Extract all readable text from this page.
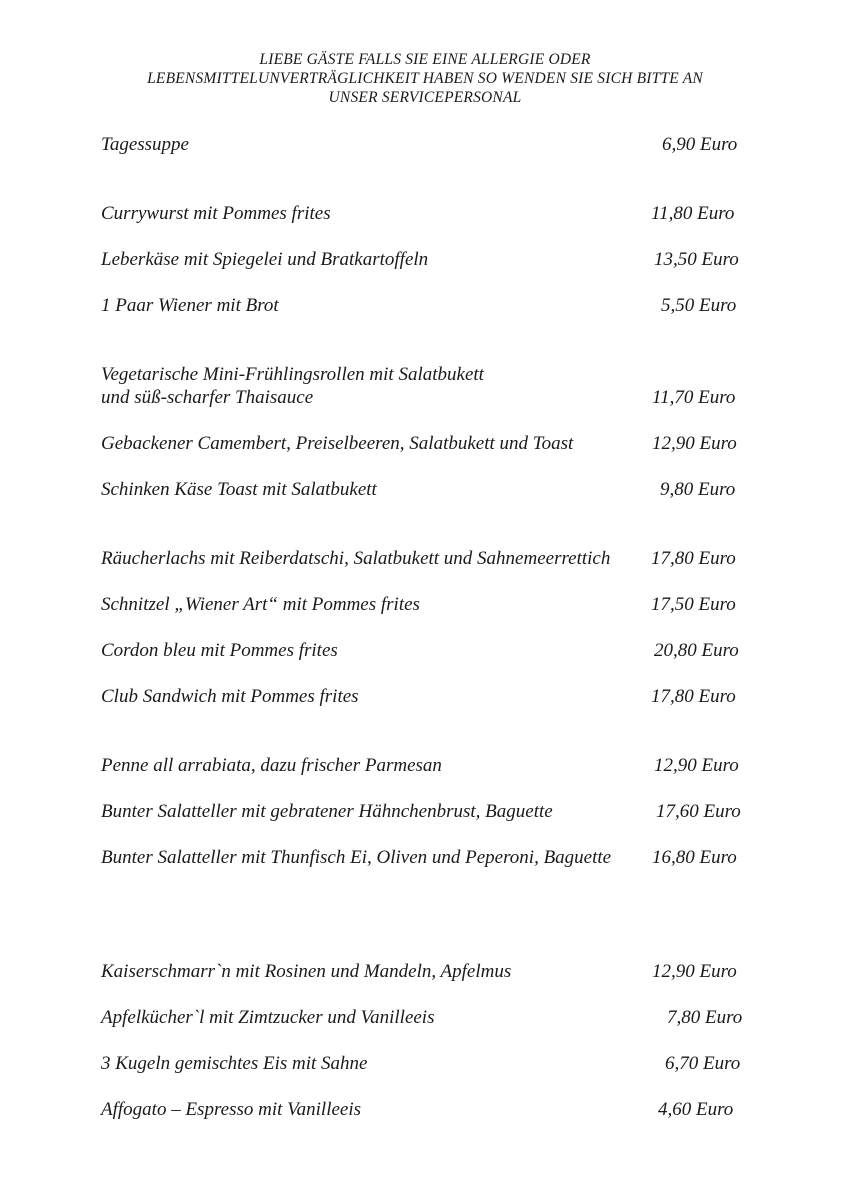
LIEBE GÄSTE FALLS SIE EINE ALLERGIE ODER
LEBENSMITTELUNVERTRÄGLICHKEIT HABEN SO WENDEN SIE SICH BITTE AN
UNSER SERVICEPERSONAL
Tagessuppe	6,90 Euro
Currywurst mit Pommes frites	11,80 Euro
Leberkäse mit Spiegelei und Bratkartoffeln	13,50 Euro
1 Paar Wiener mit Brot	5,50 Euro
Vegetarische Mini-Frühlingsrollen mit Salatbukett
und süß-scharfer Thaisauce	11,70 Euro
Gebackener Camembert, Preiselbeeren, Salatbukett und Toast	12,90 Euro
Schinken Käse Toast mit Salatbukett	9,80 Euro
Räucherlachs mit Reiberdatschi, Salatbukett und Sahnemeerrettich 17,80 Euro
Schnitzel „Wiener Art“ mit Pommes frites	17,50 Euro
Cordon bleu mit Pommes frites	20,80 Euro
Club Sandwich mit Pommes frites	17,80 Euro
Penne all arrabiata, dazu frischer Parmesan	12,90 Euro
Bunter Salatteller mit gebratener Hähnchenbrust, Baguette	17,60 Euro
Bunter Salatteller mit Thunfisch Ei, Oliven und Peperoni, Baguette 16,80 Euro
Kaiserschmarr`n mit Rosinen und Mandeln, Apfelmus	12,90 Euro
Apfelkücher`l mit Zimtzucker und Vanilleeis	7,80 Euro
3 Kugeln gemischtes Eis mit Sahne	6,70 Euro
Affogato – Espresso mit Vanilleeis	4,60 Euro
